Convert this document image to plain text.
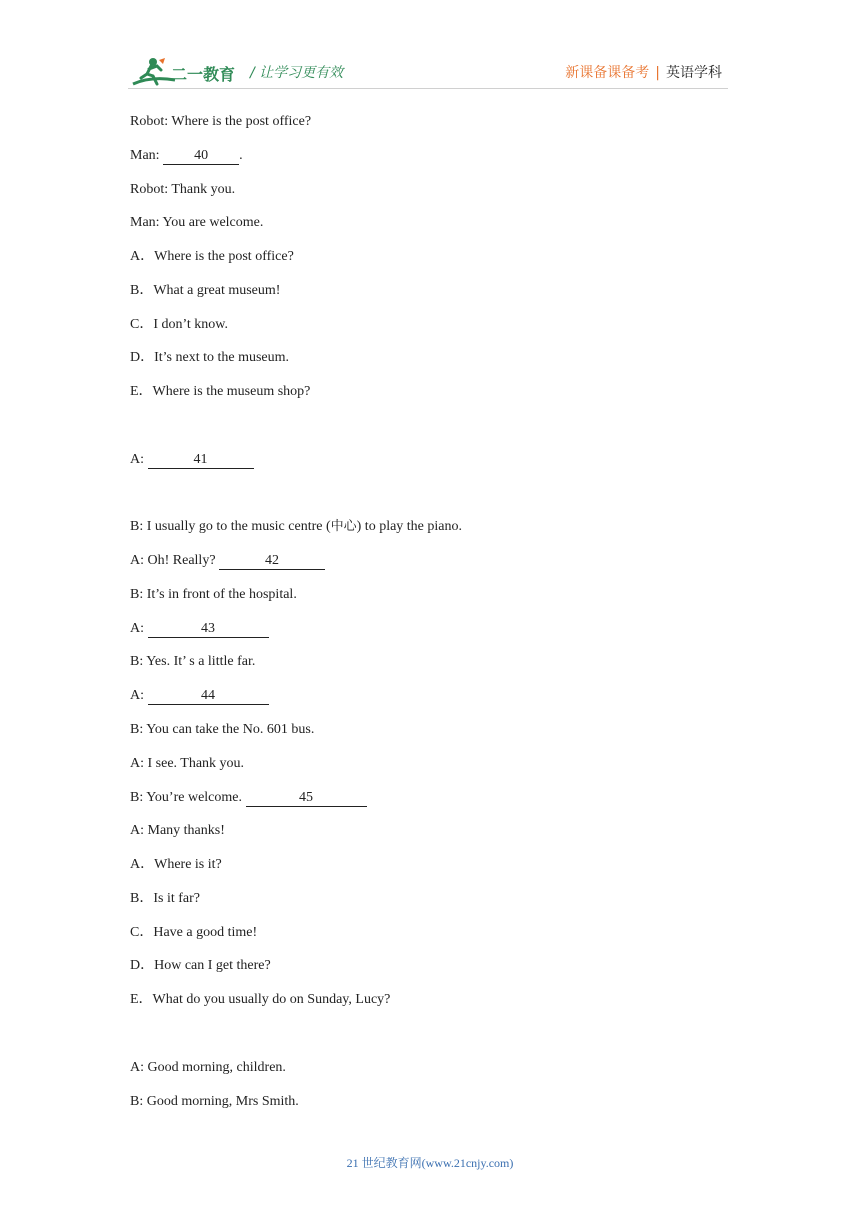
二一教育 / 让学习更有效	新课备课备考 | 英语学科
Robot: Where is the post office?
Man: 40 .
Robot: Thank you.
Man: You are welcome.
A．Where is the post office?
B．What a great museum!
C．I don’t know.
D．It’s next to the museum.
E．Where is the museum shop?
A:	41
B: I usually go to the music centre (中心) to play the piano.
A: Oh! Really?	42
B: It’s in front of the hospital.
A:	43
B: Yes. It’ s a little far.
A:	44
B: You can take the No. 601 bus.
A: I see. Thank you.
B: You’re welcome.	45
A: Many thanks!
A．Where is it?
B．Is it far?
C．Have a good time!
D．How can I get there?
E．What do you usually do on Sunday, Lucy?
A: Good morning, children.
B: Good morning, Mrs Smith.
21 世纪教育网(www.21cnjy.com)
